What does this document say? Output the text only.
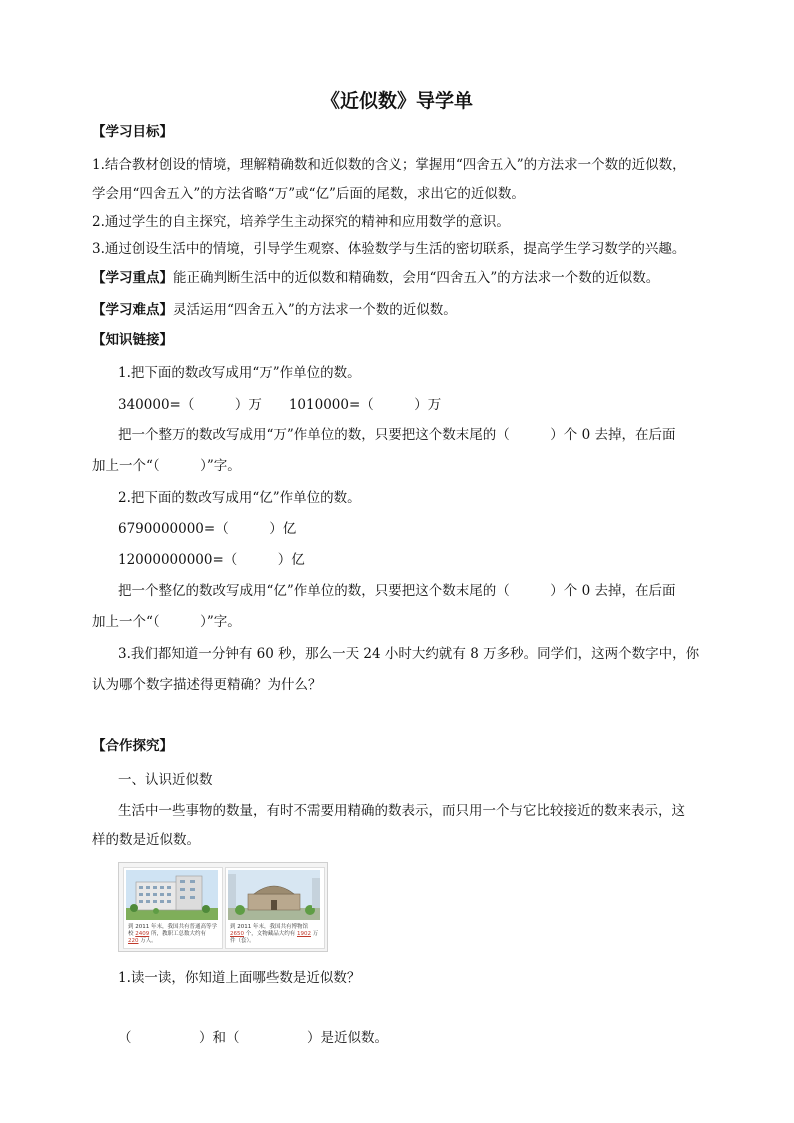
《近似数》导学单
【学习目标】
1.结合教材创设的情境，理解精确数和近似数的含义；掌握用“四舍五入”的方法求一个数的近似数，
学会用“四舍五入”的方法省略“万”或“亿”后面的尾数，求出它的近似数。
2.通过学生的自主探究，培养学生主动探究的精神和应用数学的意识。
3.通过创设生活中的情境，引导学生观察、体验数学与生活的密切联系，提高学生学习数学的兴趣。
【学习重点】能正确判断生活中的近似数和精确数，会用“四舍五入”的方法求一个数的近似数。
【学习难点】灵活运用“四舍五入”的方法求一个数的近似数。
【知识链接】
1.把下面的数改写成用“万”作单位的数。
340000=（　　　）万　　1010000=（　　　）万
把一个整万的数改写成用“万”作单位的数，只要把这个数末尾的（　　　）个 0 去掉，在后面
加上一个“（　　　）”字。
2.把下面的数改写成用“亿”作单位的数。
6790000000=（　　　）亿
12000000000=（　　　）亿
把一个整亿的数改写成用“亿”作单位的数，只要把这个数末尾的（　　　）个 0 去掉，在后面
加上一个“（　　　）”字。
3.我们都知道一分钟有 60 秒，那么一天 24 小时大约就有 8 万多秒。同学们，这两个数字中，你
认为哪个数字描述得更精确？为什么？
【合作探究】
一、认识近似数
生活中一些事物的数量，有时不需要用精确的数表示，而只用一个与它比较接近的数来表示，这
样的数是近似数。
到 2011 年末，我国共有普通高等学校 2409 所，教职工总数大约有 220 万人。
到 2011 年末，我国共有博物馆 2650 个，文物藏品大约有 1902 万件（套）。
1.读一读，你知道上面哪些数是近似数？
（　　　　　）和（　　　　　）是近似数。
